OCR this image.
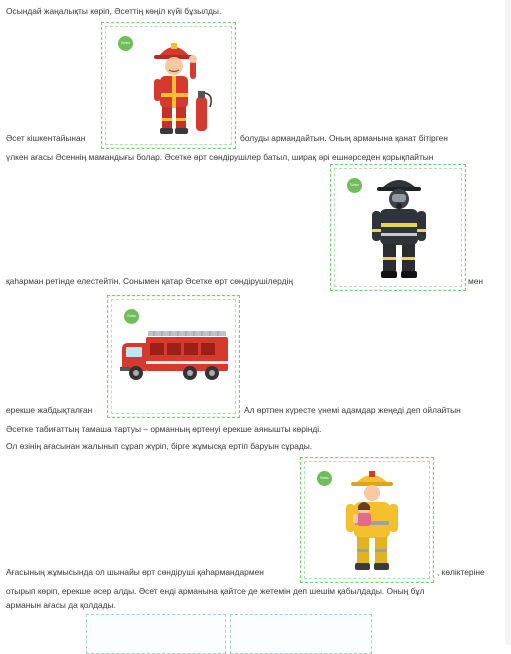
Осындай жаңалықты көріп, Әсеттің көңіл күйі бұзылды.
Білім Land
Әсет кішкентайынан	болуды армандайтын. Оның арманына қанат бітірген
үлкен ағасы Әсеннің мамандығы болар. Әсетке өрт сөндірушілер батыл, ширақ әрі ешнәрседен қорықпайтын
Білім Land
қаһарман ретінде елестейтін. Сонымен қатар Әсетке өрт сөндірушілердің	мен
Білім Land
ерекше жабдықталған	Ал өртпен күресте үнемі адамдар жеңеді деп ойлайтын
Әсетке табиғаттың тамаша тартуы – орманның өртенуі ерекше аянышты көрінді.
Ол өзінің ағасынан жалынып сұрап жүріп, бірге жұмысқа ертіп баруын сұрады.
Білім Land
Ағасының жұмысында ол шынайы өрт сөндіруші қаһармандармен	, көліктеріне
отырып көріп, ерекше әсер алды. Әсет енді арманына қайтсе де жетемін деп шешім қабылдады. Оның бұл
арманын ағасы да қолдады.
